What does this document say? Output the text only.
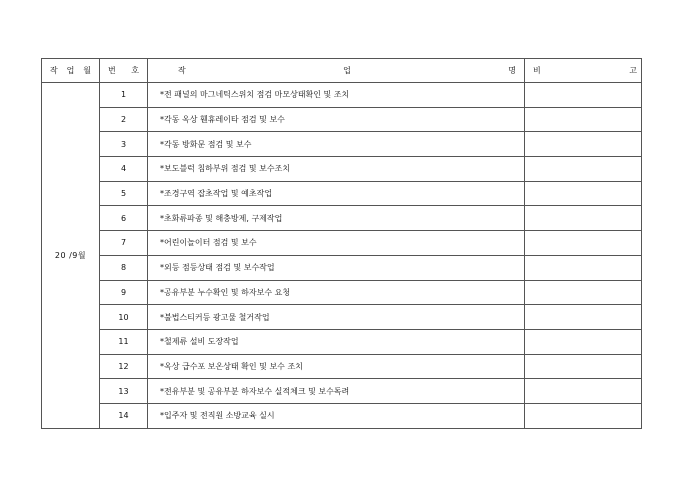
작 업 월	번 호	작 업 명	비 고

20 /9월	1	*전 패널의 마그네틱스위치 점검 마모상태확인 및 조치	
	2	*각동 옥상 휀휴레이타 점검 및 보수	
	3	*각동 방화문 점검 및 보수	
	4	*보도블럭 침하부위 점검 및 보수조치	
	5	*조경구역 잡초작업 및 예초작업	
	6	*초화류파종 및 해충방제, 구제작업	
	7	*어린이놀이터 점검 및 보수	
	8	*외등 점등상태 점검 및 보수작업	
	9	*공유부분 누수확인 및 하자보수 요청	
	10	*불법스티커등 광고물 철거작업	
	11	*철제류 설비 도장작업	
	12	*옥상 급수포 보온상태 확인 및 보수 조치	
	13	*전유부분 및 공유부분 하자보수 실적체크 및 보수독려	
	14	*입주자 및 전직원 소방교육 실시	
